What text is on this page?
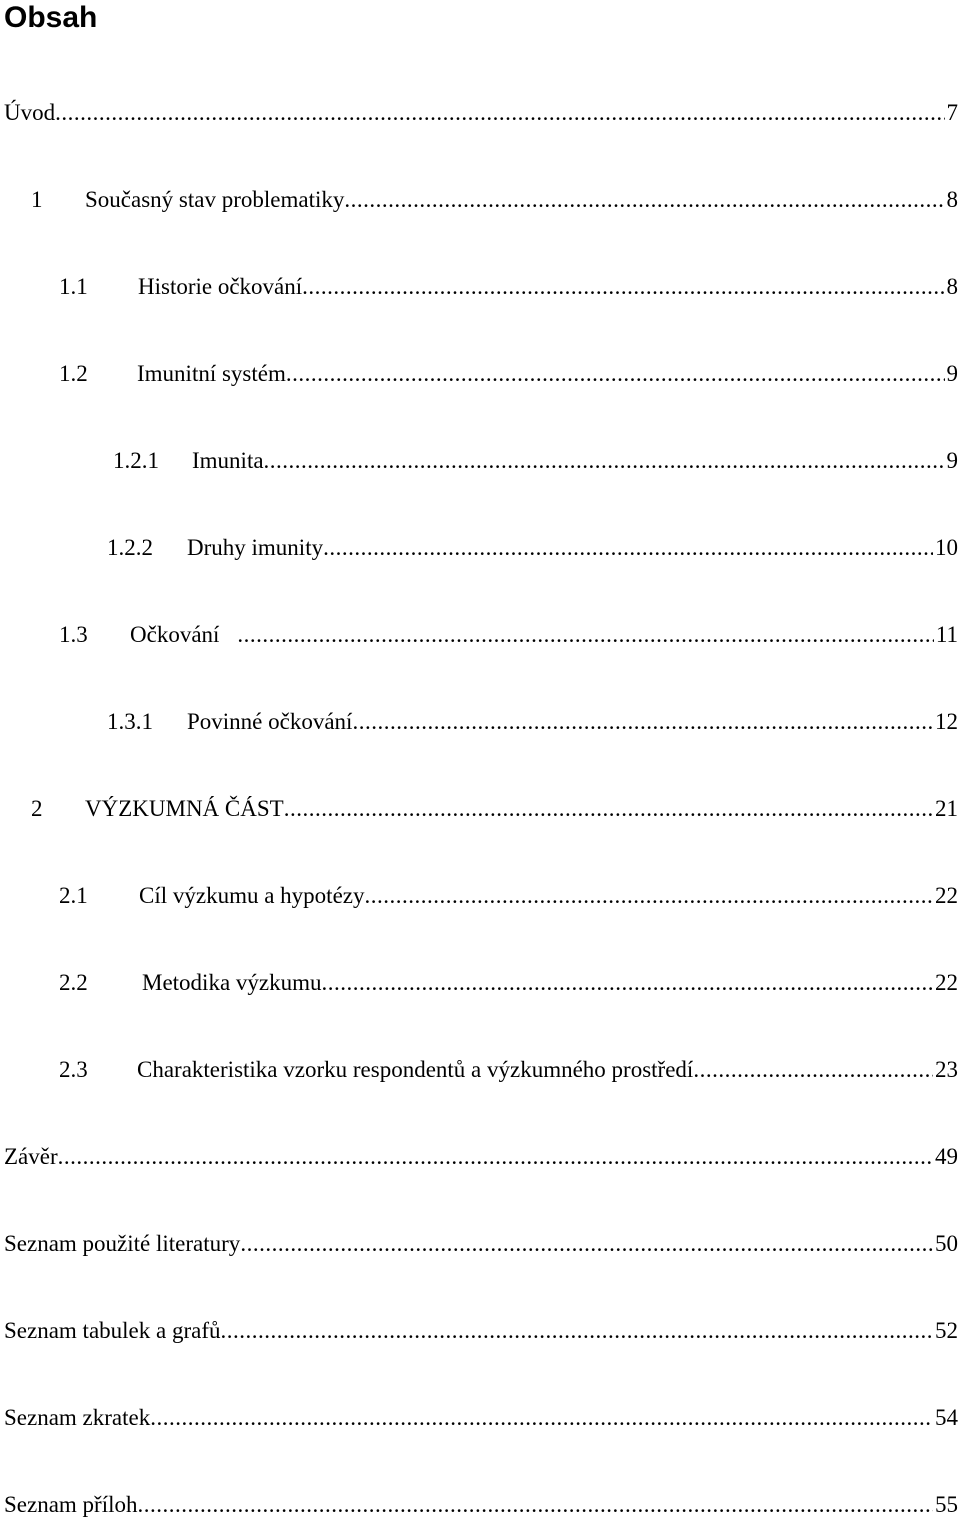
Obsah
Úvod .....	7
1	Současný stav problematiky .....	8
1.1	Historie očkování .....	8
1.2	Imunitní systém .....	9
1.2.1	Imunita .....	9
1.2.2	Druhy imunity .....	10
1.3	Očkování .....	11
1.3.1	Povinné očkování .....	12
2	VÝZKUMNÁ ČÁST .....	21
2.1	Cíl výzkumu a hypotézy .....	22
2.2	Metodika výzkumu .....	22
2.3	Charakteristika vzorku respondentů a výzkumného prostředí .....	23
Závěr .....	49
Seznam použité literatury .....	50
Seznam tabulek a grafů .....	52
Seznam zkratek .....	54
Seznam příloh .....	55
